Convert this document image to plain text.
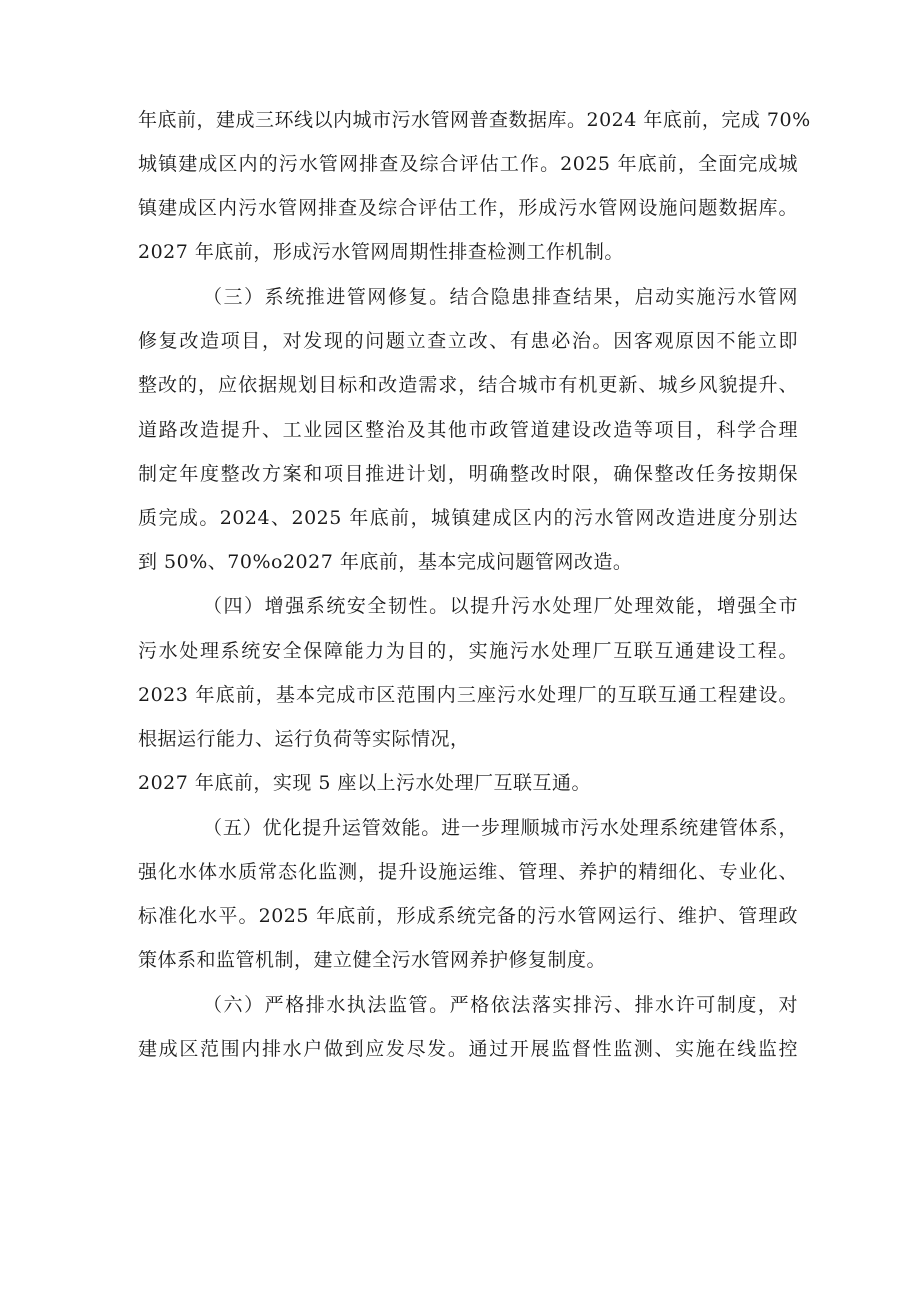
年底前，建成三环线以内城市污水管网普查数据库。2024 年底前，完成 70%
城镇建成区内的污水管网排查及综合评估工作。2025 年底前，全面完成城
镇建成区内污水管网排查及综合评估工作，形成污水管网设施问题数据库。
2027 年底前，形成污水管网周期性排查检测工作机制。
（三）系统推进管网修复。结合隐患排查结果，启动实施污水管网
修复改造项目，对发现的问题立查立改、有患必治。因客观原因不能立即
整改的，应依据规划目标和改造需求，结合城市有机更新、城乡风貌提升、
道路改造提升、工业园区整治及其他市政管道建设改造等项目，科学合理
制定年度整改方案和项目推进计划，明确整改时限，确保整改任务按期保
质完成。2024、2025 年底前，城镇建成区内的污水管网改造进度分别达
到 50%、70%o2027 年底前，基本完成问题管网改造。
（四）增强系统安全韧性。以提升污水处理厂处理效能，增强全市
污水处理系统安全保障能力为目的，实施污水处理厂互联互通建设工程。
2023 年底前，基本完成市区范围内三座污水处理厂的互联互通工程建设。
根据运行能力、运行负荷等实际情况，
2027 年底前，实现 5 座以上污水处理厂互联互通。
（五）优化提升运管效能。进一步理顺城市污水处理系统建管体系，
强化水体水质常态化监测，提升设施运维、管理、养护的精细化、专业化、
标准化水平。2025 年底前，形成系统完备的污水管网运行、维护、管理政
策体系和监管机制，建立健全污水管网养护修复制度。
（六）严格排水执法监管。严格依法落实排污、排水许可制度，对
建成区范围内排水户做到应发尽发。通过开展监督性监测、实施在线监控
